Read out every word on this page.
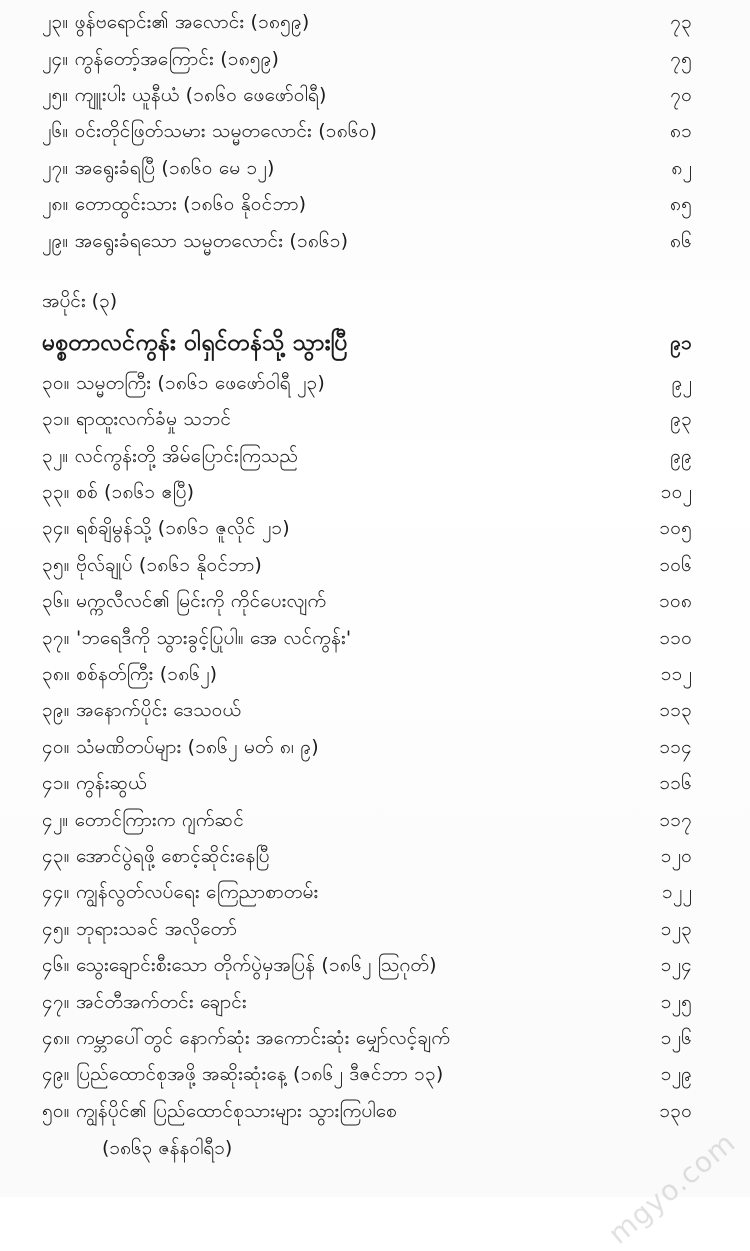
၂၃။ ဖွန်ဗရောင်း၏ အလောင်း (၁၈၅၉)	၇၃
၂၄။ ကွန်တော့်အကြောင်း (၁၈၅၉)	၇၅
၂၅။ ကျူးပါး ယူနီယံ (၁၈၆၀ ဖေဖော်ဝါရီ)	၇၀
၂၆။ ဝင်းတိုင်ဖြတ်သမား သမ္မတလောင်း (၁၈၆၀)	၈၁
၂၇။ အရွေးခံရပြီ (၁၈၆၀ မေ ၁၂)	၈၂
၂၈။ တောထွင်းသား (၁၈၆၀ နိုဝင်ဘာ)	၈၅
၂၉။ အရွေးခံရသော သမ္မတလောင်း (၁၈၆၁)	၈၆
အပိုင်း (၃)
မစ္စတာလင်ကွန်း ဝါရှင်တန်သို့ သွားပြီ	၉၁
၃၀။ သမ္မတကြီး (၁၈၆၁ ဖေဖော်ဝါရီ ၂၃)	၉၂
၃၁။ ရာထူးလက်ခံမှု သဘင်	၉၃
၃၂။ လင်ကွန်းတို့ အိမ်ပြောင်းကြသည်	၉၉
၃၃။ စစ် (၁၈၆၁ ဧပြီ)	၁၀၂
၃၄။ ရစ်ချိမွန်သို့ (၁၈၆၁ ဇူလိုင် ၂၁)	၁၀၅
၃၅။ ဗိုလ်ချုပ် (၁၈၆၁ နိုဝင်ဘာ)	၁၀၆
၃၆။ မက္ကလီလင်၏ မြင်းကို ကိုင်ပေးလျက်	၁၀၈
၃၇။ 'ဘရေဒီကို သွားခွင့်ပြုပါ။ အေ လင်ကွန်း'	၁၁၀
၃၈။ စစ်နတ်ကြီး (၁၈၆၂)	၁၁၂
၃၉။ အနောက်ပိုင်း ဒေသဝယ်	၁၁၃
၄၀။ သံမဏိတပ်များ (၁၈၆၂ မတ် ၈၊ ၉)	၁၁၄
၄၁။ ကွန်းဆွယ်	၁၁၆
၄၂။ တောင်ကြားက ဂျက်ဆင်	၁၁၇
၄၃။ အောင်ပွဲရဖို့ စောင့်ဆိုင်းနေပြီ	၁၂၀
၄၄။ ကျွန်လွတ်လပ်ရေး ကြေညာစာတမ်း	၁၂၂
၄၅။ ဘုရားသခင် အလိုတော်	၁၂၃
၄၆။ သွေးချောင်းစီးသော တိုက်ပွဲမှအပြန် (၁၈၆၂ ဩဂုတ်)	၁၂၄
၄၇။ အင်တီအက်တင်း ချောင်း	၁၂၅
၄၈။ ကမ္ဘာပေါ်တွင် နောက်ဆုံး အကောင်းဆုံး မျှော်လင့်ချက်	၁၂၆
၄၉။ ပြည်ထောင်စုအဖို့ အဆိုးဆုံးနေ့ (၁၈၆၂ ဒီဇင်ဘာ ၁၃)	၁၂၉
၅၀။ ကျွန်ပိုင်၏ ပြည်ထောင်စုသားများ သွားကြပါစေ	၁၃၀
(၁၈၆၃ ဇန်နဝါရီ၁)	mgyo.com
